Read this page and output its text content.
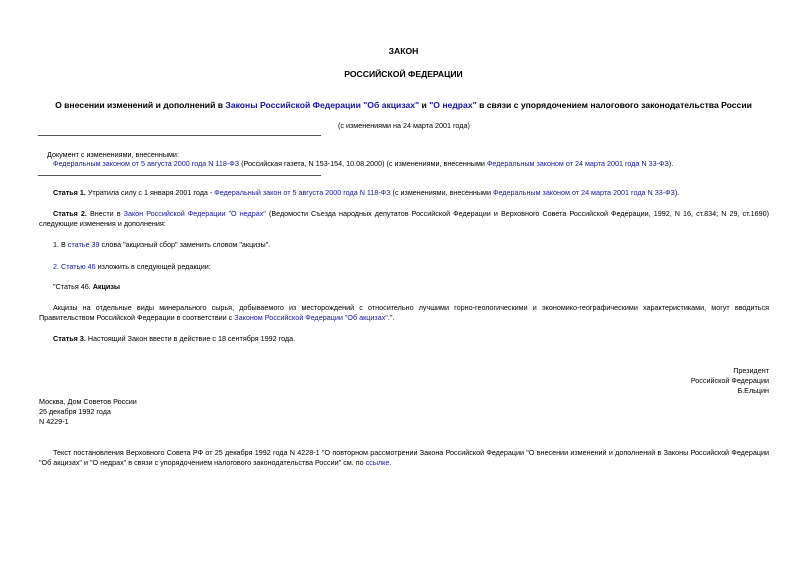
ЗАКОН
РОССИЙСКОЙ ФЕДЕРАЦИИ
О внесении изменений и дополнений в Законы Российской Федерации "Об акцизах" и "О недрах" в связи с упорядочением налогового законодательства России
(с изменениями на 24 марта 2001 года)
Документ с изменениями, внесенными:
Федеральным законом от 5 августа 2000 года N 118-ФЗ (Российская газета, N 153-154, 10.08.2000) (с изменениями, внесенными Федеральным законом от 24 марта 2001 года N 33-ФЗ).
Статья 1. Утратила силу с 1 января 2001 года - Федеральный закон от 5 августа 2000 года N 118-ФЗ (с изменениями, внесенными Федеральным законом от 24 марта 2001 года N 33-ФЗ).
Статья 2. Внести в Закон Российской Федерации "О недрах" (Ведомости Съезда народных депутатов Российской Федерации и Верховного Совета Российской Федерации, 1992, N 16, ст.834; N 29, ст.1690) следующие изменения и дополнения:
1. В статье 39 слова "акцизный сбор" заменить словом "акцизы".
2. Статью 46 изложить в следующей редакции:
"Статья 46. Акцизы
Акцизы на отдельные виды минерального сырья, добываемого из месторождений с относительно лучшими горно-геологическими и экономико-географическими характеристиками, могут вводиться Правительством Российской Федерации в соответствии с Законом Российской Федерации "Об акцизах".".
Статья 3. Настоящий Закон ввести в действие с 18 сентября 1992 года.
Президент
Российской Федерации
Б.Ельцин
Москва, Дом Советов России
25 декабря 1992 года
N 4229-1
Текст постановления Верховного Совета РФ от 25 декабря 1992 года N 4228-1 "О повторном рассмотрении Закона Российской Федерации "О внесении изменений и дополнений в Законы Российской Федерации "Об акцизах" и "О недрах" в связи с упорядочением налогового законодательства России" см. по ссылке.
